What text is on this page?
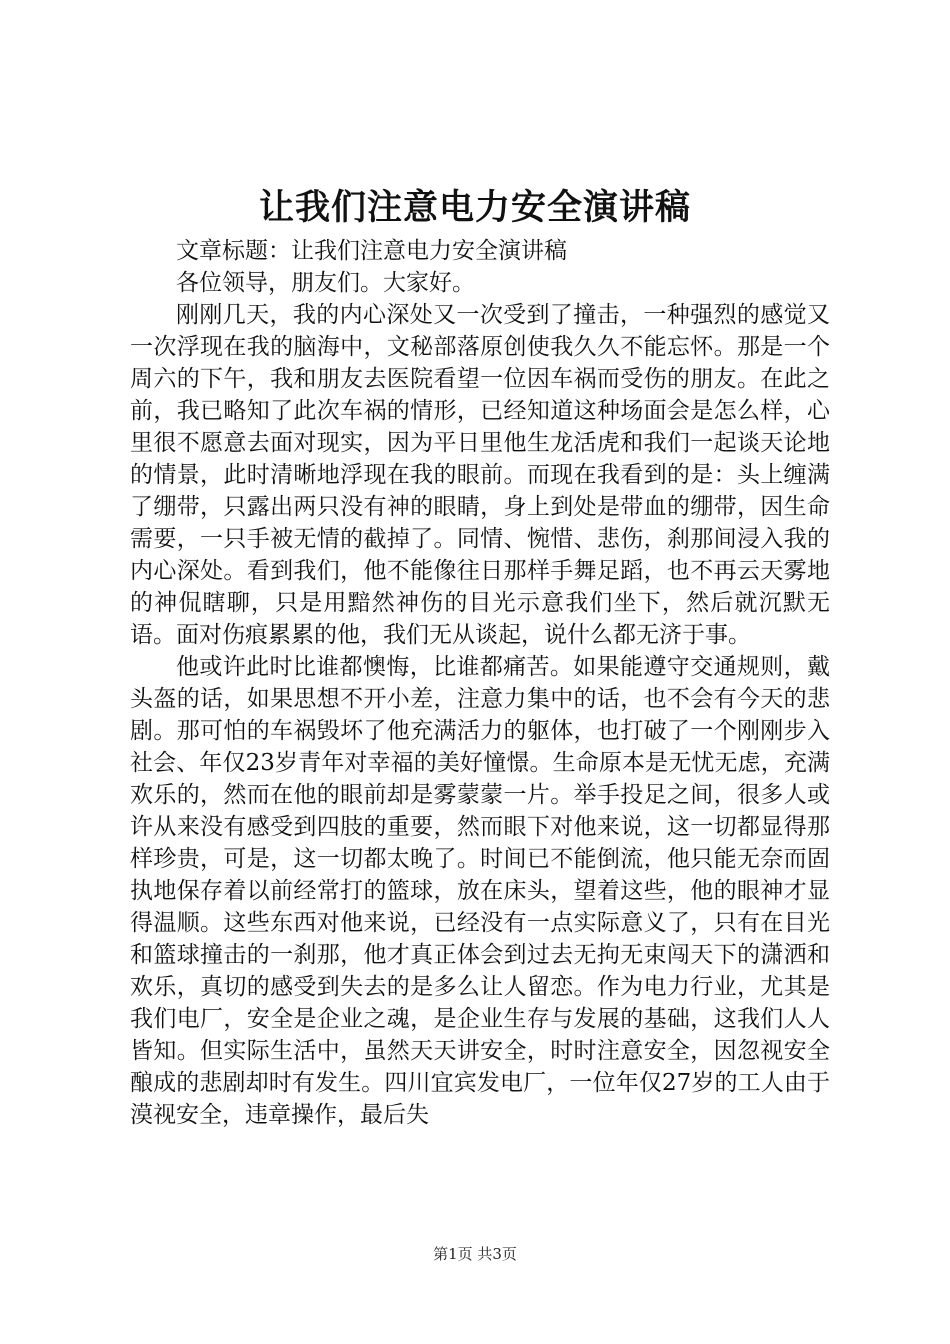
让我们注意电力安全演讲稿

文章标题：让我们注意电力安全演讲稿

各位领导，朋友们。大家好。

刚刚几天，我的内心深处又一次受到了撞击，一种强烈的感觉又一次浮现在我的脑海中，文秘部落原创使我久久不能忘怀。那是一个周六的下午，我和朋友去医院看望一位因车祸而受伤的朋友。在此之前，我已略知了此次车祸的情形，已经知道这种场面会是怎么样，心里很不愿意去面对现实，因为平日里他生龙活虎和我们一起谈天论地的情景，此时清晰地浮现在我的眼前。而现在我看到的是：头上缠满了绷带，只露出两只没有神的眼睛，身上到处是带血的绷带，因生命需要，一只手被无情的截掉了。同情、惋惜、悲伤，刹那间浸入我的内心深处。看到我们，他不能像往日那样手舞足蹈，也不再云天雾地的神侃瞎聊，只是用黯然神伤的目光示意我们坐下，然后就沉默无语。面对伤痕累累的他，我们无从谈起，说什么都无济于事。

他或许此时比谁都懊悔，比谁都痛苦。如果能遵守交通规则，戴头盔的话，如果思想不开小差，注意力集中的话，也不会有今天的悲剧。那可怕的车祸毁坏了他充满活力的躯体，也打破了一个刚刚步入社会、年仅23岁青年对幸福的美好憧憬。生命原本是无忧无虑，充满欢乐的，然而在他的眼前却是雾蒙蒙一片。举手投足之间，很多人或许从来没有感受到四肢的重要，然而眼下对他来说，这一切都显得那样珍贵，可是，这一切都太晚了。时间已不能倒流，他只能无奈而固执地保存着以前经常打的篮球，放在床头，望着这些，他的眼神才显得温顺。这些东西对他来说，已经没有一点实际意义了，只有在目光和篮球撞击的一刹那，他才真正体会到过去无拘无束闯天下的潇洒和欢乐，真切的感受到失去的是多么让人留恋。作为电力行业，尤其是我们电厂，安全是企业之魂，是企业生存与发展的基础，这我们人人皆知。但实际生活中，虽然天天讲安全，时时注意安全，因忽视安全酿成的悲剧却时有发生。四川宜宾发电厂，一位年仅27岁的工人由于漠视安全，违章操作，最后失

第1页 共3页
